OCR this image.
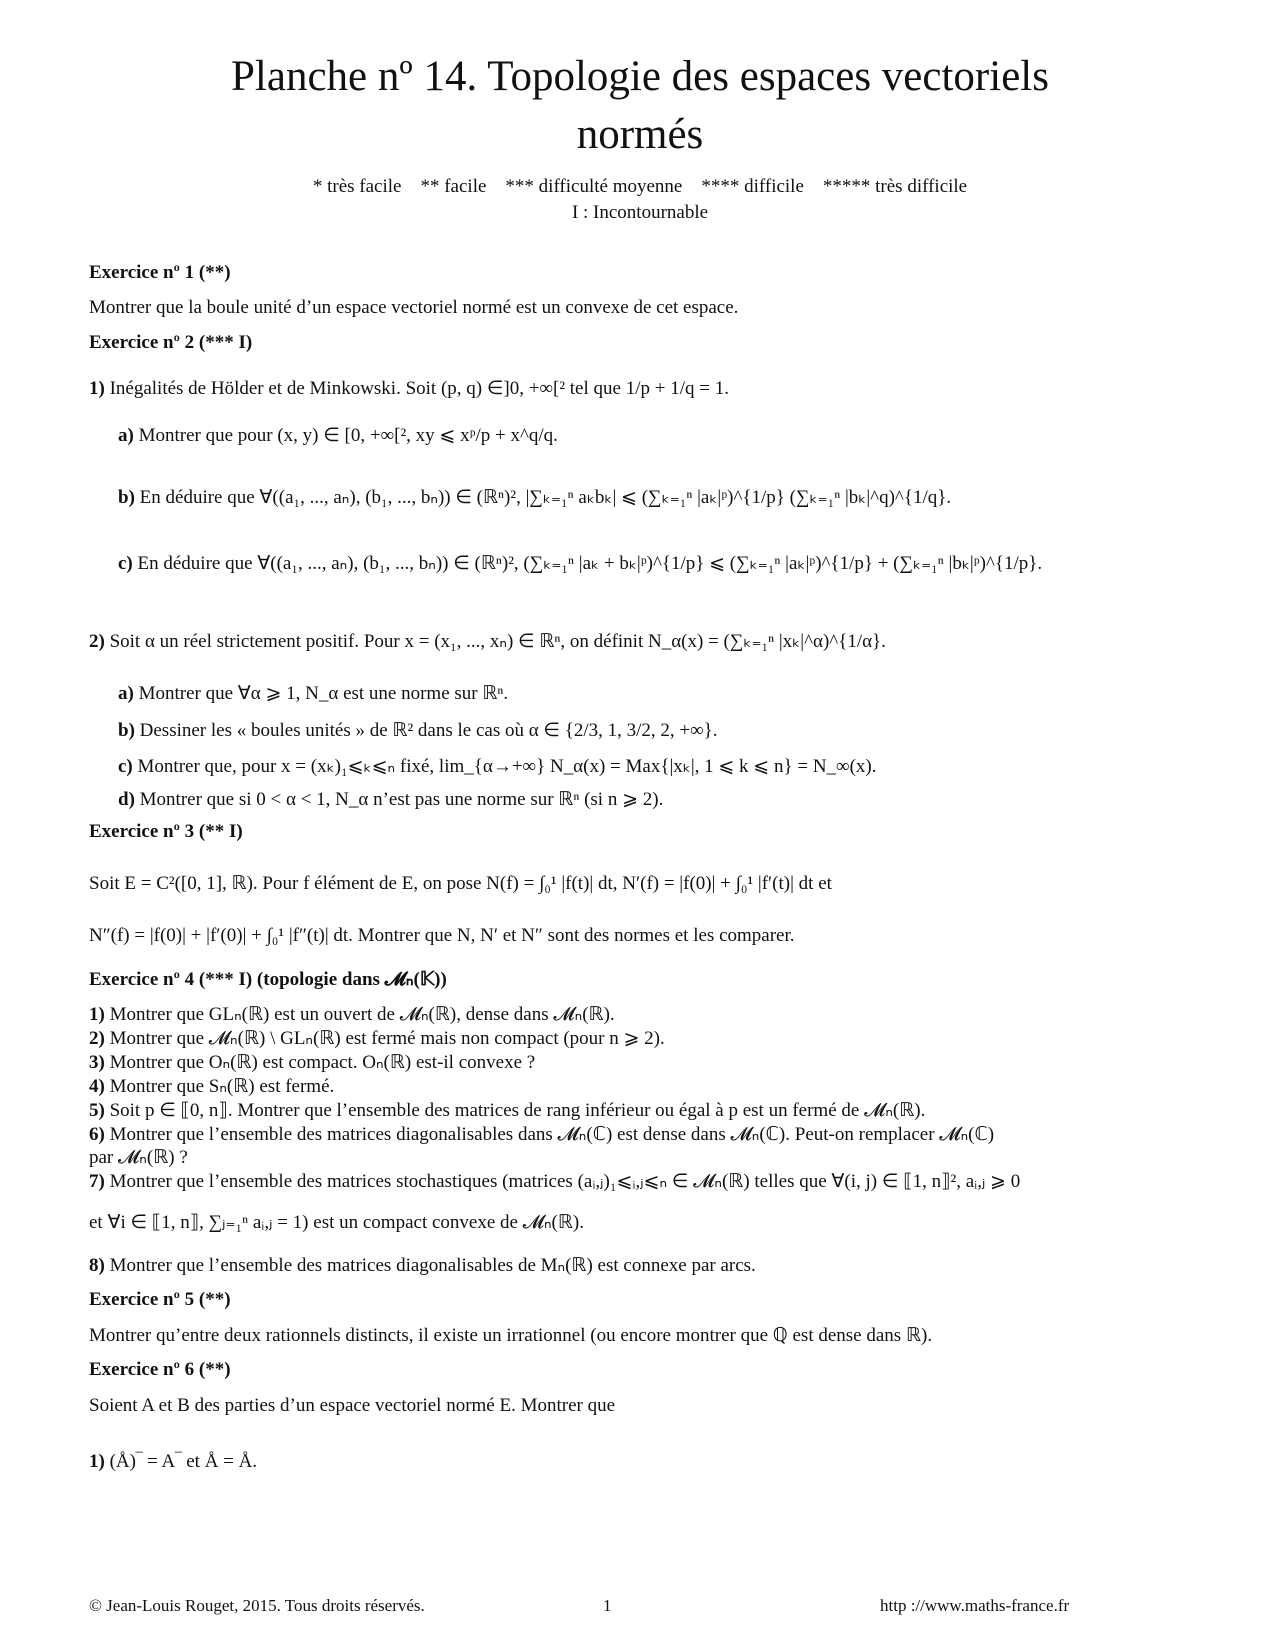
Planche nº 14. Topologie des espaces vectoriels
normés
* très facile    ** facile    *** difficulté moyenne    **** difficile    ***** très difficile
I : Incontournable
Exercice nº 1 (**)
Montrer que la boule unité d’un espace vectoriel normé est un convexe de cet espace.
Exercice nº 2 (*** I)
1) Inégalités de Hölder et de Minkowski. Soit (p, q) ∈]0, +∞[² tel que 1/p + 1/q = 1.
a) Montrer que pour (x, y) ∈ [0, +∞[², xy ⩽ xᵖ/p + x^q/q.
b) En déduire que ∀((a₁, ..., aₙ), (b₁, ..., bₙ)) ∈ (ℝⁿ)², |∑ₖ₌₁ⁿ aₖbₖ| ⩽ (∑ₖ₌₁ⁿ |aₖ|ᵖ)^{1/p} (∑ₖ₌₁ⁿ |bₖ|^q)^{1/q}.
c) En déduire que ∀((a₁, ..., aₙ), (b₁, ..., bₙ)) ∈ (ℝⁿ)², (∑ₖ₌₁ⁿ |aₖ + bₖ|ᵖ)^{1/p} ⩽ (∑ₖ₌₁ⁿ |aₖ|ᵖ)^{1/p} + (∑ₖ₌₁ⁿ |bₖ|ᵖ)^{1/p}.
2) Soit α un réel strictement positif. Pour x = (x₁, ..., xₙ) ∈ ℝⁿ, on définit N_α(x) = (∑ₖ₌₁ⁿ |xₖ|^α)^{1/α}.
a) Montrer que ∀α ⩾ 1, N_α est une norme sur ℝⁿ.
b) Dessiner les « boules unités » de ℝ² dans le cas où α ∈ {2/3, 1, 3/2, 2, +∞}.
c) Montrer que, pour x = (xₖ)₁⩽ₖ⩽ₙ fixé, lim_{α→+∞} N_α(x) = Max{|xₖ|, 1 ⩽ k ⩽ n} = N_∞(x).
d) Montrer que si 0 < α < 1, N_α n’est pas une norme sur ℝⁿ (si n ⩾ 2).
Exercice nº 3 (** I)
Soit E = C²([0, 1], ℝ). Pour f élément de E, on pose N(f) = ∫₀¹ |f(t)| dt, N′(f) = |f(0)| + ∫₀¹ |f′(t)| dt et
N″(f) = |f(0)| + |f′(0)| + ∫₀¹ |f″(t)| dt. Montrer que N, N′ et N″ sont des normes et les comparer.
Exercice nº 4 (*** I) (topologie dans 𝓜ₙ(𝕂))
1) Montrer que GLₙ(ℝ) est un ouvert de 𝓜ₙ(ℝ), dense dans 𝓜ₙ(ℝ).
2) Montrer que 𝓜ₙ(ℝ) \ GLₙ(ℝ) est fermé mais non compact (pour n ⩾ 2).
3) Montrer que Oₙ(ℝ) est compact. Oₙ(ℝ) est-il convexe ?
4) Montrer que Sₙ(ℝ) est fermé.
5) Soit p ∈ ⟦0, n⟧. Montrer que l’ensemble des matrices de rang inférieur ou égal à p est un fermé de 𝓜ₙ(ℝ).
6) Montrer que l’ensemble des matrices diagonalisables dans 𝓜ₙ(ℂ) est dense dans 𝓜ₙ(ℂ). Peut-on remplacer 𝓜ₙ(ℂ)
par 𝓜ₙ(ℝ) ?
7) Montrer que l’ensemble des matrices stochastiques (matrices (aᵢ,ⱼ)₁⩽ᵢ,ⱼ⩽ₙ ∈ 𝓜ₙ(ℝ) telles que ∀(i, j) ∈ ⟦1, n⟧², aᵢ,ⱼ ⩾ 0
et ∀i ∈ ⟦1, n⟧, ∑ⱼ₌₁ⁿ aᵢ,ⱼ = 1) est un compact convexe de 𝓜ₙ(ℝ).
8) Montrer que l’ensemble des matrices diagonalisables de Mₙ(ℝ) est connexe par arcs.
Exercice nº 5 (**)
Montrer qu’entre deux rationnels distincts, il existe un irrationnel (ou encore montrer que ℚ est dense dans ℝ).
Exercice nº 6 (**)
Soient A et B des parties d’un espace vectoriel normé E. Montrer que
1) (Å)‾ = A‾ et Å = Å.
© Jean-Louis Rouget, 2015. Tous droits réservés.	1	http ://www.maths-france.fr
